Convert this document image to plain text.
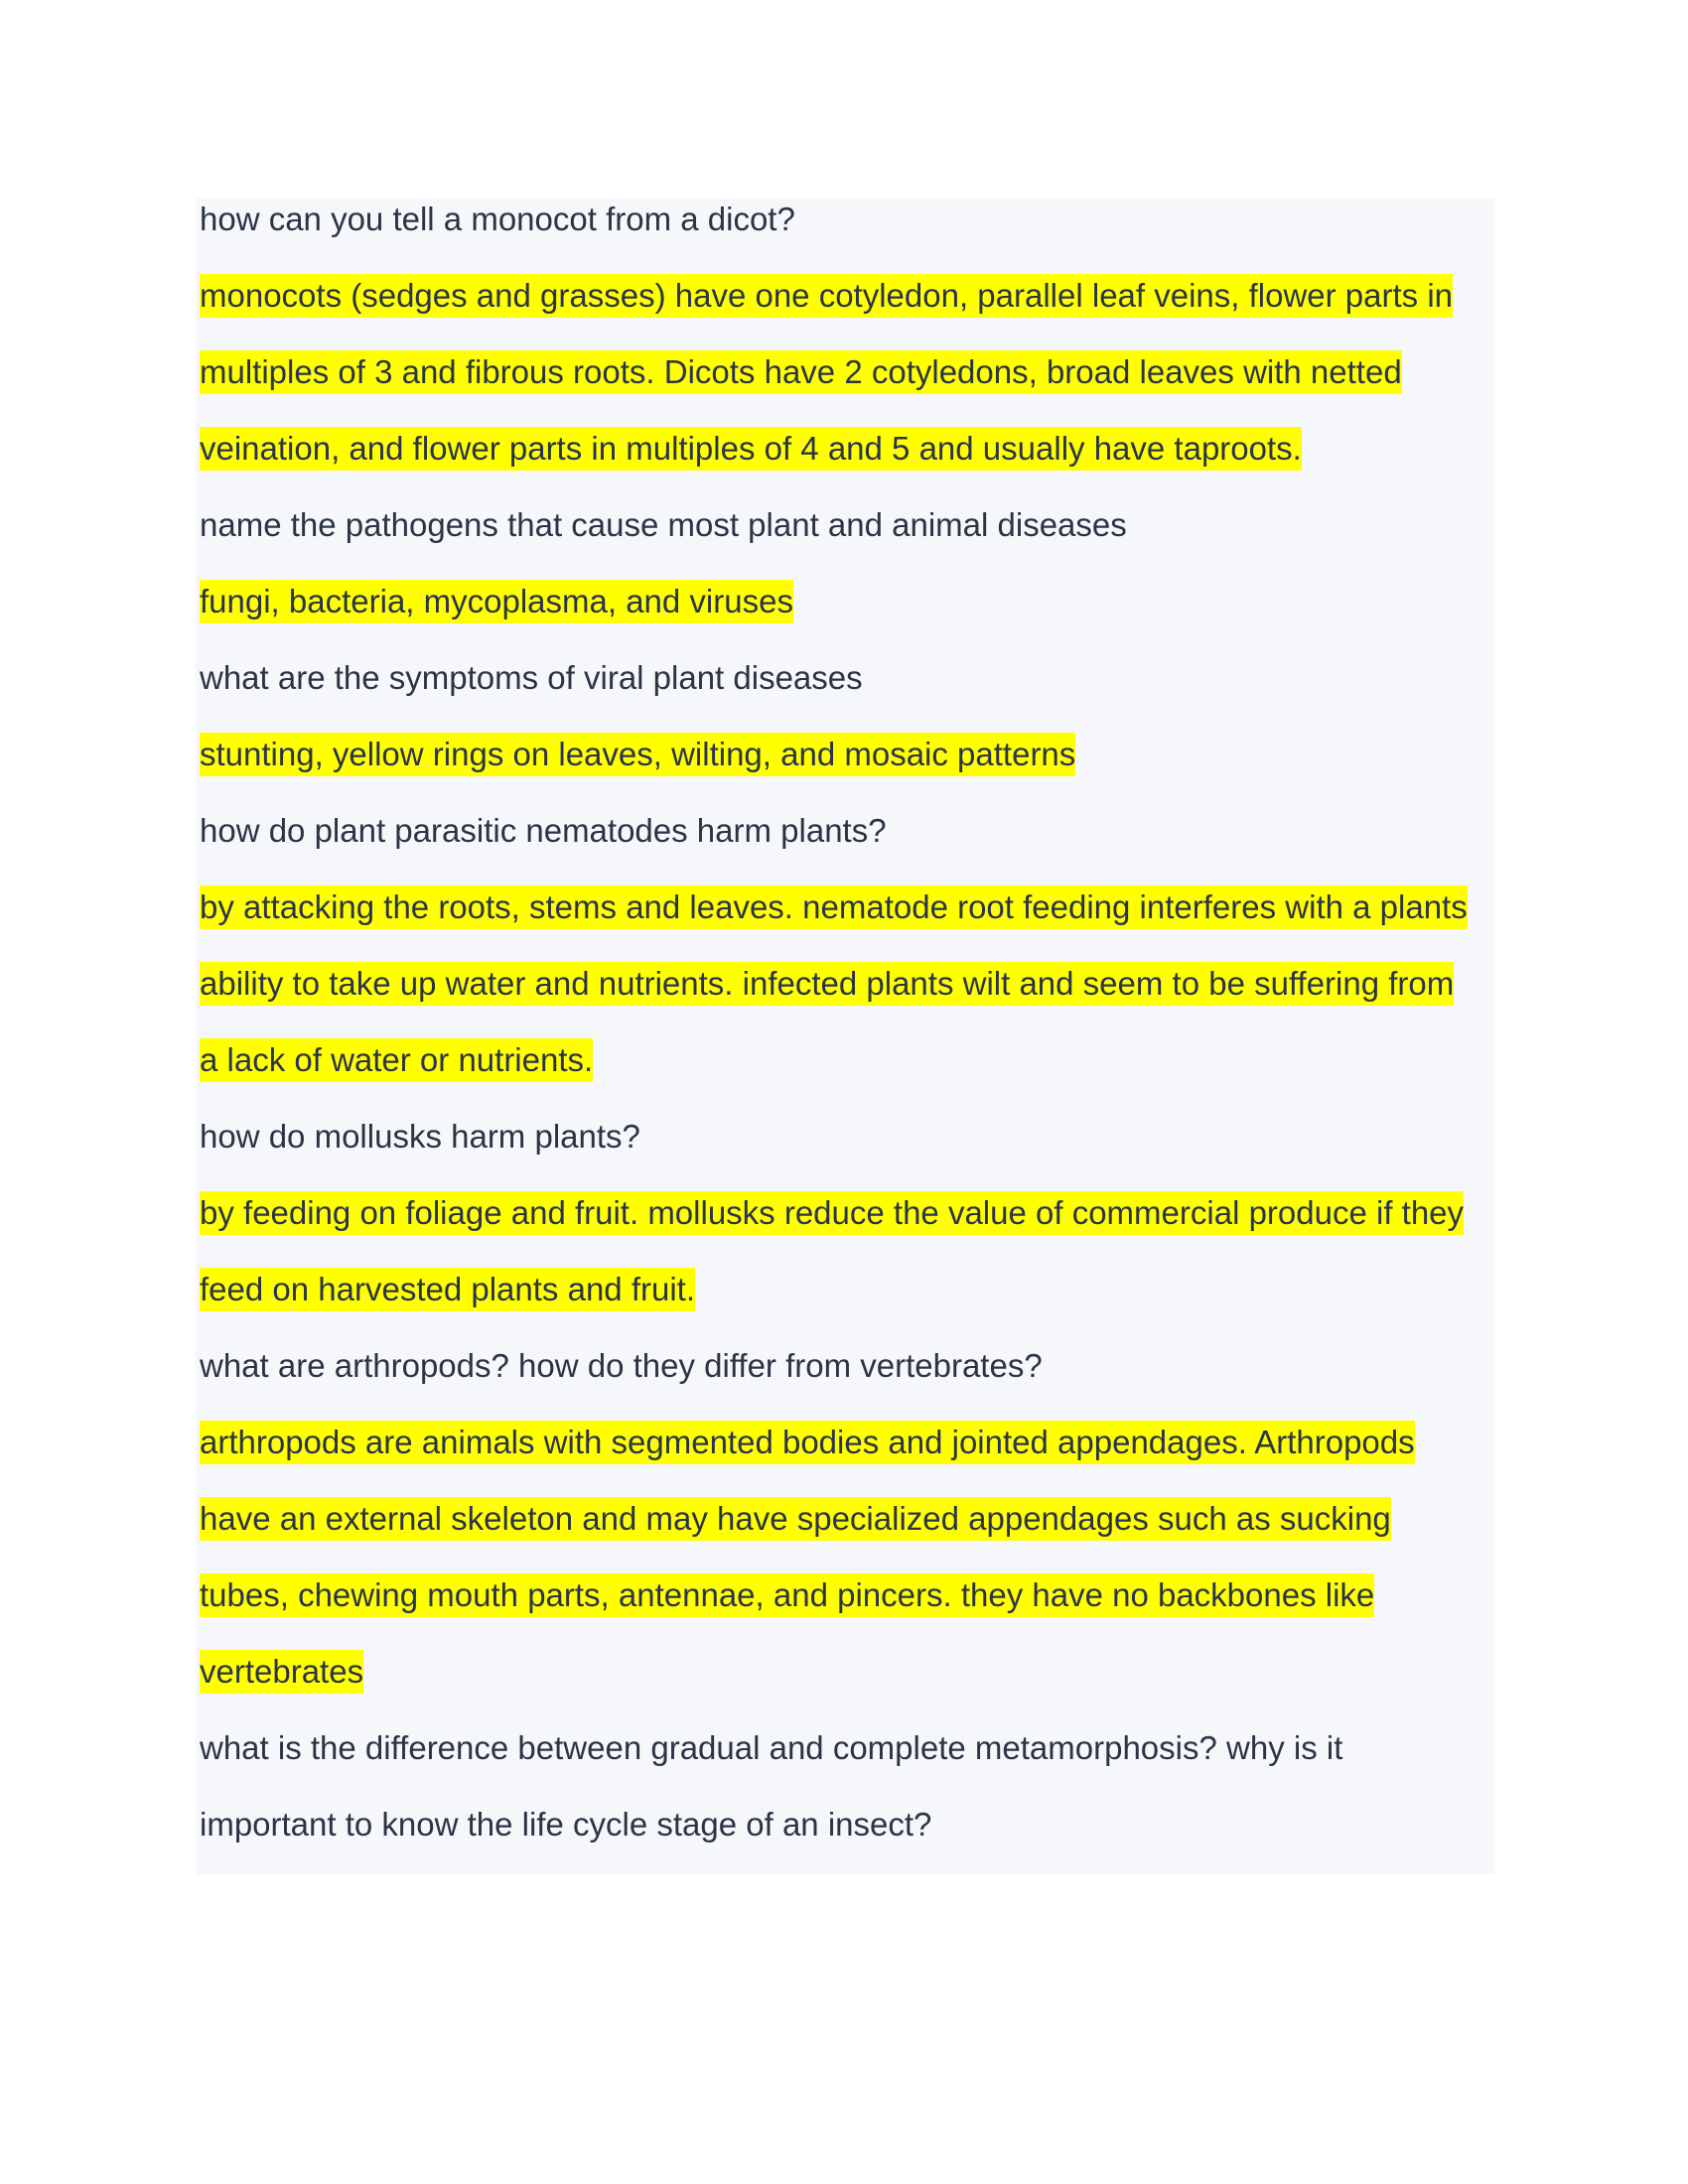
how can you tell a monocot from a dicot?
monocots (sedges and grasses) have one cotyledon, parallel leaf veins, flower parts in
multiples of 3 and fibrous roots. Dicots have 2 cotyledons, broad leaves with netted
veination, and flower parts in multiples of 4 and 5 and usually have taproots.
name the pathogens that cause most plant and animal diseases
fungi, bacteria, mycoplasma, and viruses
what are the symptoms of viral plant diseases
stunting, yellow rings on leaves, wilting, and mosaic patterns
how do plant parasitic nematodes harm plants?
by attacking the roots, stems and leaves. nematode root feeding interferes with a plants
ability to take up water and nutrients. infected plants wilt and seem to be suffering from
a lack of water or nutrients.
how do mollusks harm plants?
by feeding on foliage and fruit. mollusks reduce the value of commercial produce if they
feed on harvested plants and fruit.
what are arthropods? how do they differ from vertebrates?
arthropods are animals with segmented bodies and jointed appendages. Arthropods
have an external skeleton and may have specialized appendages such as sucking
tubes, chewing mouth parts, antennae, and pincers. they have no backbones like
vertebrates
what is the difference between gradual and complete metamorphosis? why is it
important to know the life cycle stage of an insect?
